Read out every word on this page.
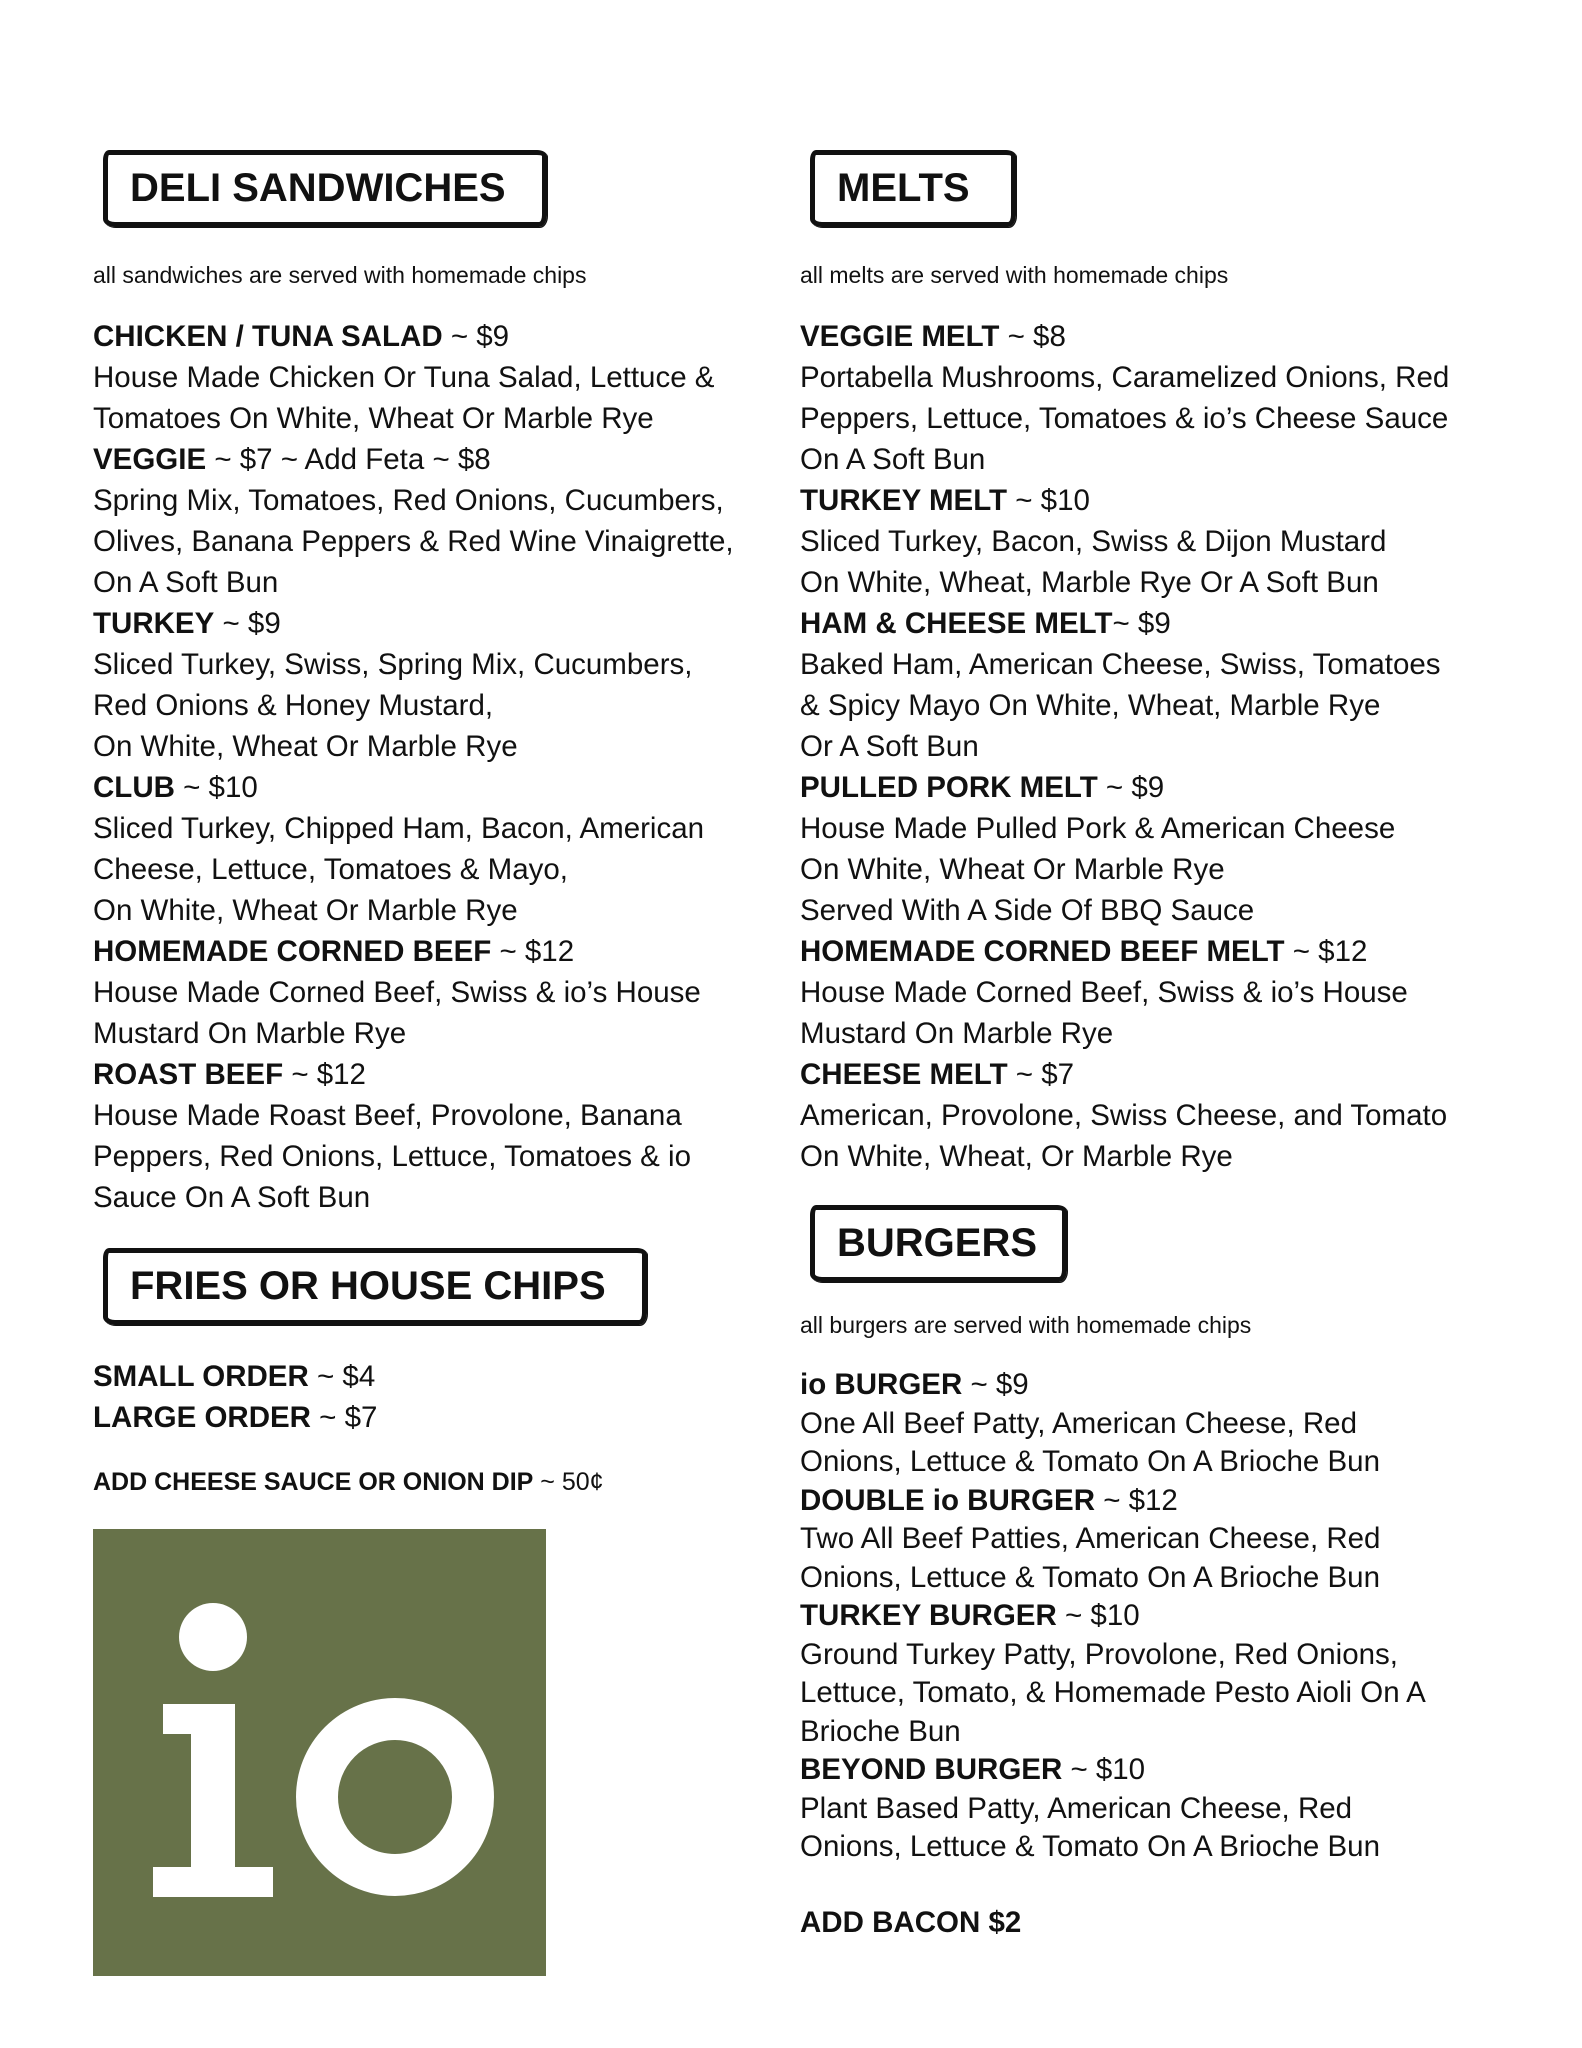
DELI SANDWICHES
all sandwiches are served with homemade chips
CHICKEN / TUNA SALAD ~ $9
House Made Chicken Or Tuna Salad, Lettuce &
Tomatoes On White, Wheat Or Marble Rye
VEGGIE ~ $7 ~ Add Feta ~ $8
Spring Mix, Tomatoes, Red Onions, Cucumbers,
Olives, Banana Peppers & Red Wine Vinaigrette,
On A Soft Bun
TURKEY ~ $9
Sliced Turkey, Swiss, Spring Mix, Cucumbers,
Red Onions & Honey Mustard,
On White, Wheat Or Marble Rye
CLUB ~ $10
Sliced Turkey, Chipped Ham, Bacon, American
Cheese, Lettuce, Tomatoes & Mayo,
On White, Wheat Or Marble Rye
HOMEMADE CORNED BEEF ~ $12
House Made Corned Beef, Swiss & io’s House
Mustard On Marble Rye
ROAST BEEF ~ $12
House Made Roast Beef, Provolone, Banana
Peppers, Red Onions, Lettuce, Tomatoes & io
Sauce On A Soft Bun
FRIES OR HOUSE CHIPS
SMALL ORDER ~ $4
LARGE ORDER ~ $7
ADD CHEESE SAUCE OR ONION DIP ~ 50¢
MELTS
all melts are served with homemade chips
VEGGIE MELT ~ $8
Portabella Mushrooms, Caramelized Onions, Red
Peppers, Lettuce, Tomatoes & io’s Cheese Sauce
On A Soft Bun
TURKEY MELT ~ $10
Sliced Turkey, Bacon, Swiss & Dijon Mustard
On White, Wheat, Marble Rye Or A Soft Bun
HAM & CHEESE MELT~ $9
Baked Ham, American Cheese, Swiss, Tomatoes
& Spicy Mayo On White, Wheat, Marble Rye
Or A Soft Bun
PULLED PORK MELT ~ $9
House Made Pulled Pork & American Cheese
On White, Wheat Or Marble Rye
Served With A Side Of BBQ Sauce
HOMEMADE CORNED BEEF MELT ~ $12
House Made Corned Beef, Swiss & io’s House
Mustard On Marble Rye
CHEESE MELT ~ $7
American, Provolone, Swiss Cheese, and Tomato
On White, Wheat, Or Marble Rye
BURGERS
all burgers are served with homemade chips
io BURGER ~ $9
One All Beef Patty, American Cheese, Red
Onions, Lettuce & Tomato On A Brioche Bun
DOUBLE io BURGER ~ $12
Two All Beef Patties, American Cheese, Red
Onions, Lettuce & Tomato On A Brioche Bun
TURKEY BURGER ~ $10
Ground Turkey Patty, Provolone, Red Onions,
Lettuce, Tomato, & Homemade Pesto Aioli On A
Brioche Bun
BEYOND BURGER ~ $10
Plant Based Patty, American Cheese, Red
Onions, Lettuce & Tomato On A Brioche Bun
ADD BACON $2
